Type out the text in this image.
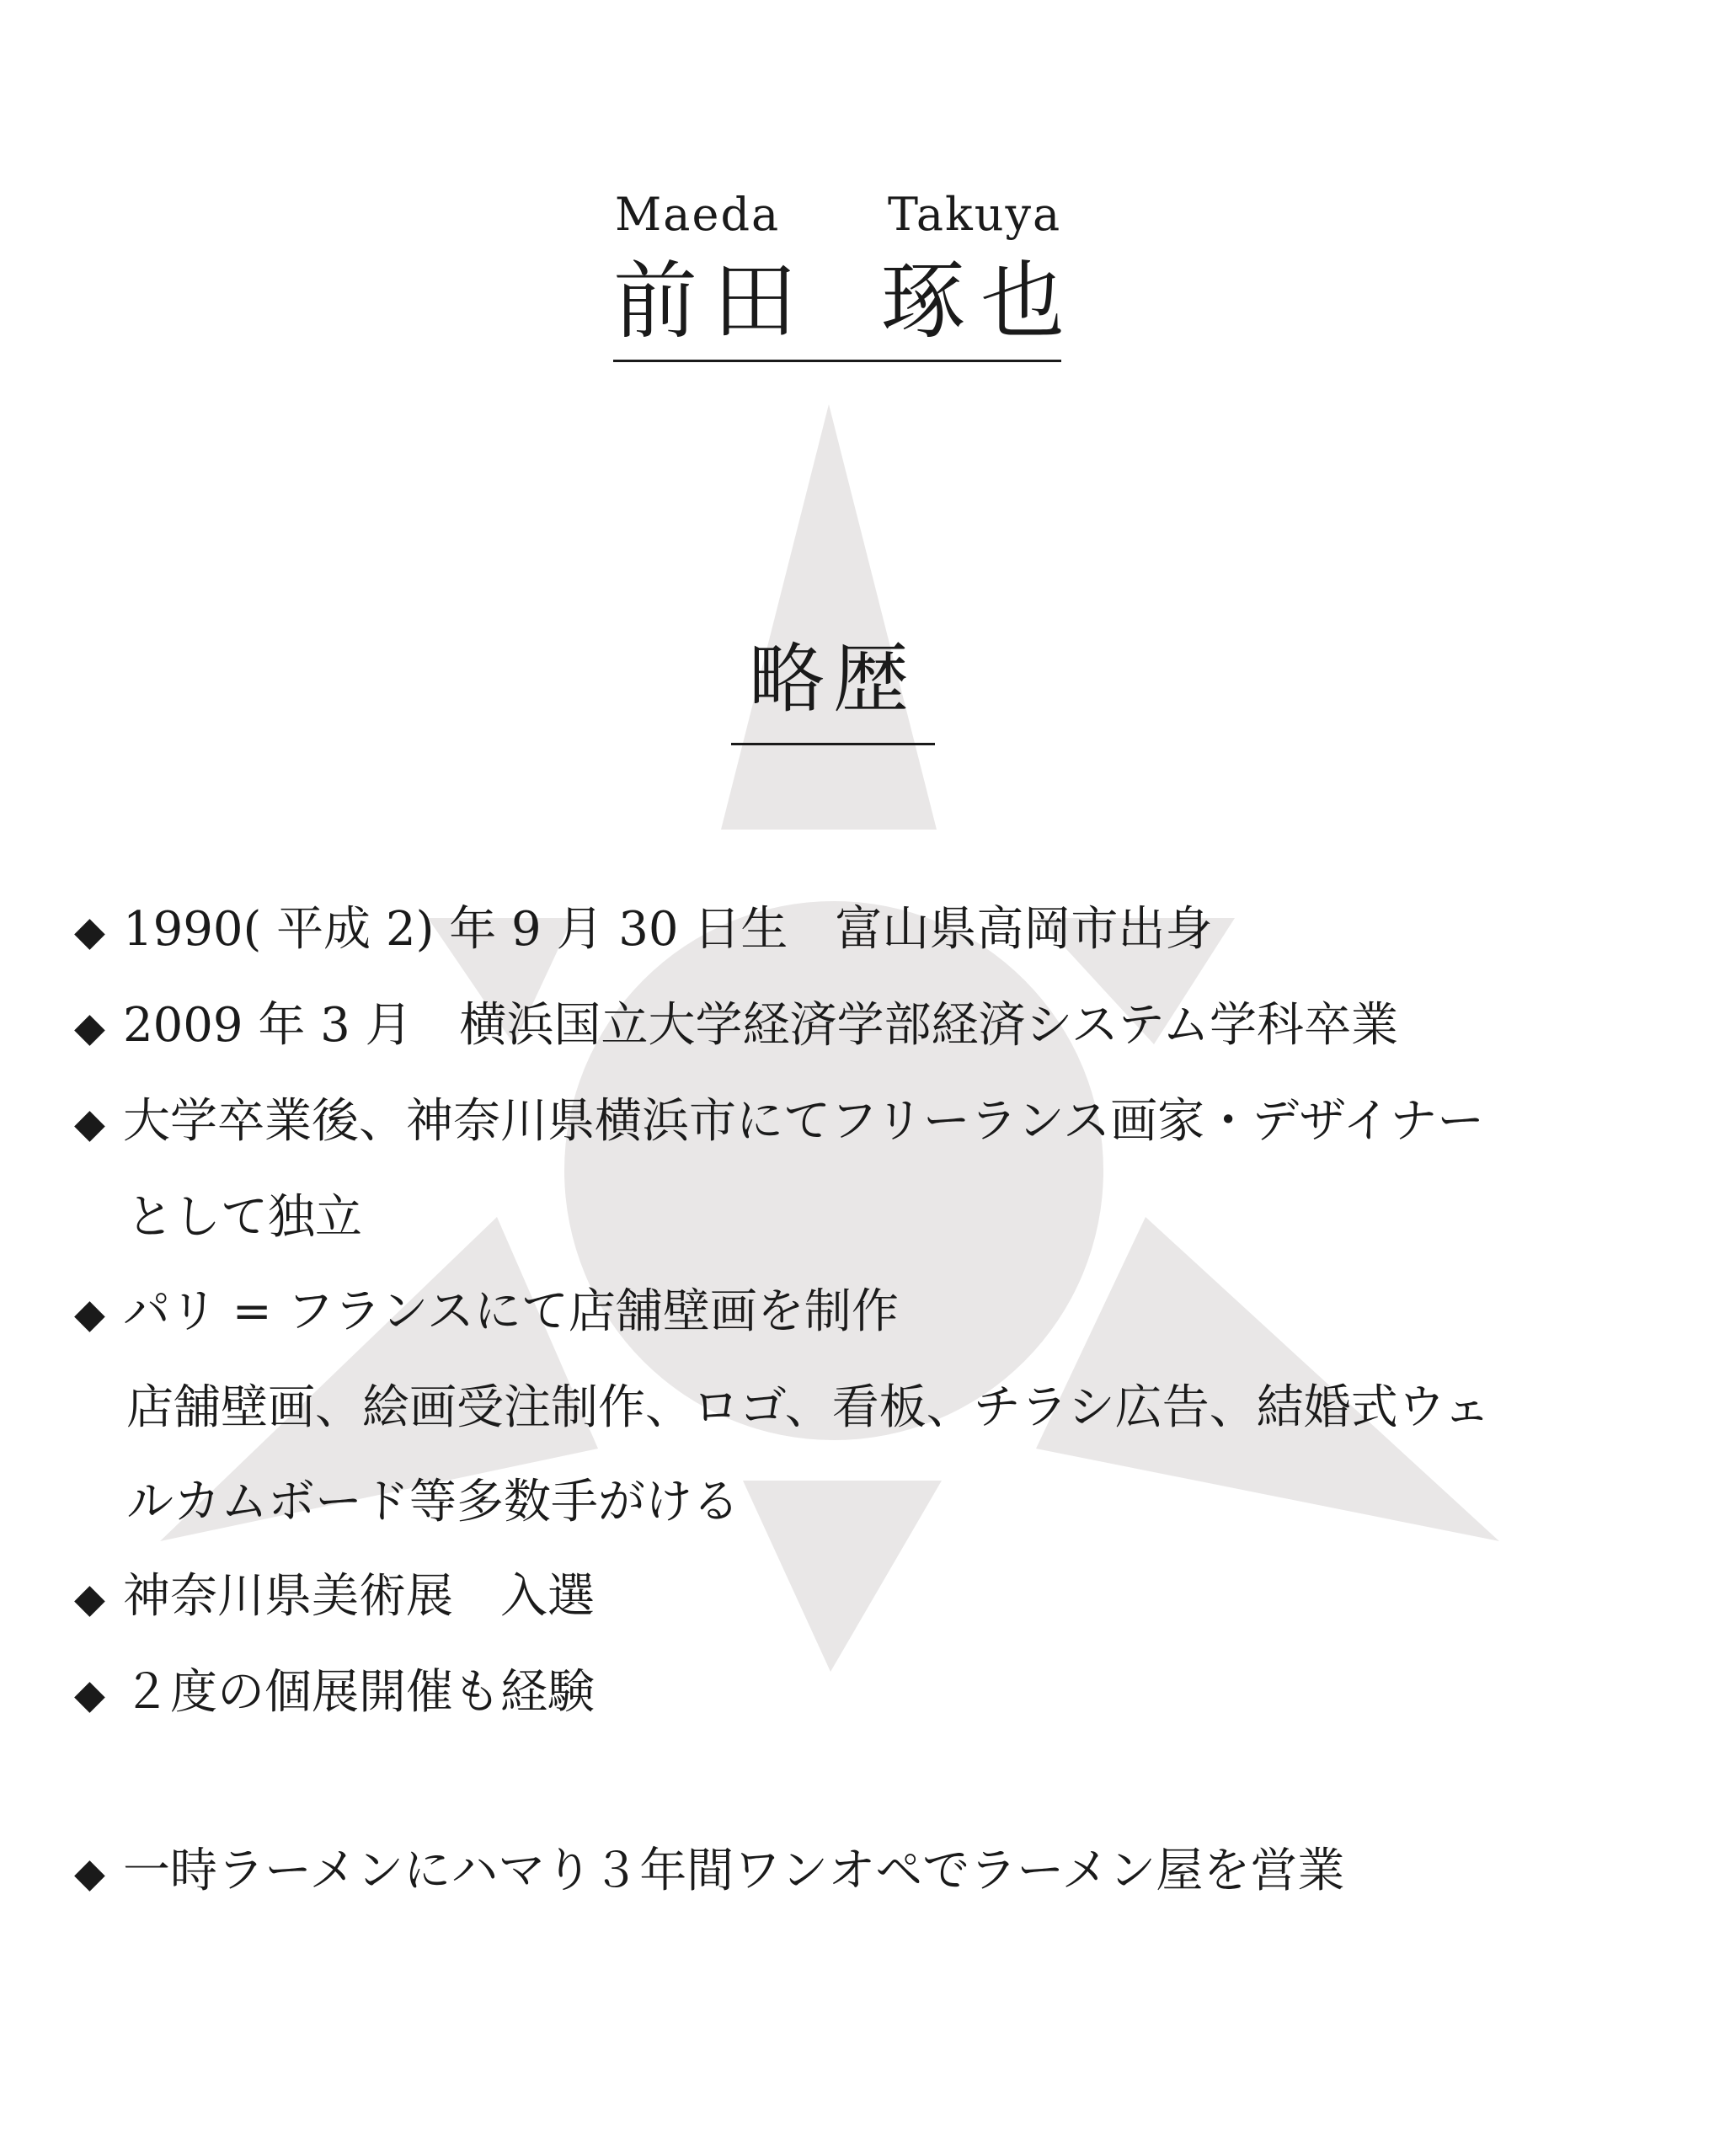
Maeda Takuya
前田 琢也
略歴
◆ 1990( 平成 2) 年 9 月 30 日生　富山県高岡市出身
◆ 2009 年 3 月　横浜国立大学経済学部経済システム学科卒業
◆ 大学卒業後、神奈川県横浜市にてフリーランス画家・デザイナー
として独立
◆ パリ = フランスにて店舗壁画を制作
店舗壁画、絵画受注制作、ロゴ、看板、チラシ広告、結婚式ウェ
ルカムボード等多数手がける
◆ 神奈川県美術展　入選
◆ ２度の個展開催も経験
◆ 一時ラーメンにハマり３年間ワンオペでラーメン屋を営業
